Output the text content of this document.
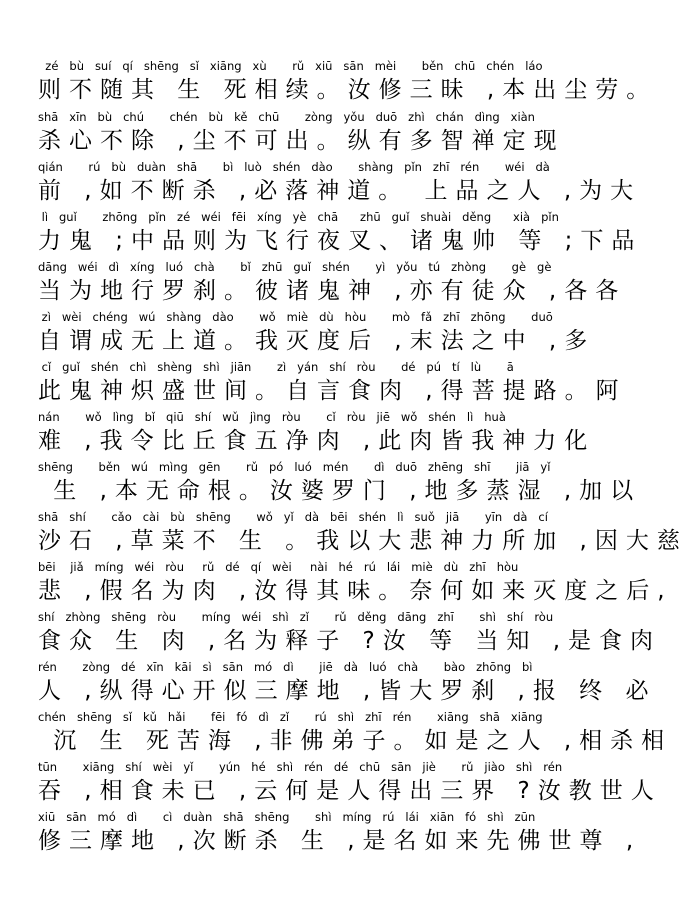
zé   bù   suí   qí   shēng   sǐ   xiāng   xù       rǔ   xiū   sān   mèi       běn   chū   chén   láo
则不随其 生 死相续。汝修三昧 ,本出尘劳。
shā   xīn   bù   chú       chén   bù   kě   chū       zòng   yǒu   duō   zhì   chán   dìng   xiàn
杀心不除 ,尘不可出。纵有多智禅定现
qián       rú   bù   duàn   shā       bì   luò   shén   dào       shàng   pǐn   zhī   rén       wéi   dà
前 ,如不断杀 ,必落神道。 上品之人 ,为大
lì   guǐ       zhōng   pǐn   zé   wéi   fēi   xíng   yè   chā      zhū   guǐ   shuài   děng      xià   pǐn
力鬼 ;中品则为飞行夜叉、诸鬼帅 等 ;下品
dāng   wéi   dì   xíng   luó   chà       bǐ   zhū   guǐ   shén       yì   yǒu   tú   zhòng       gè   gè
当为地行罗刹。彼诸鬼神 ,亦有徒众 ,各各
zì   wèi   chéng   wú   shàng   dào       wǒ   miè   dù   hòu       mò   fǎ   zhī   zhōng       duō
自谓成无上道。我灭度后 ,末法之中 ,多
cǐ   guǐ   shén   chì   shèng   shì   jiān       zì   yán   shí   ròu       dé   pú   tí   lù       ā
此鬼神炽盛世间。自言食肉 ,得菩提路。阿
nán       wǒ   lìng   bǐ   qiū   shí   wǔ   jìng   ròu       cǐ   ròu   jiē   wǒ   shén   lì   huà
难 ,我令比丘食五净肉 ,此肉皆我神力化
shēng       běn   wú   mìng   gēn       rǔ   pó   luó   mén       dì   duō   zhēng   shī       jiā   yǐ
生 ,本无命根。汝婆罗门 ,地多蒸湿 ,加以
shā   shí       cǎo   cài   bù   shēng       wǒ   yǐ   dà   bēi   shén   lì   suǒ   jiā       yīn   dà   cí
沙石 ,草菜不 生 。我以大悲神力所加 ,因大慈
bēi    jiǎ   míng   wéi   ròu     rǔ   dé   qí   wèi     nài   hé   rú   lái   miè   dù   zhī   hòu
悲 ,假名为肉 ,汝得其味。奈何如来灭度之后,
shí   zhòng   shēng   ròu       míng   wéi   shì   zǐ       rǔ   děng   dāng   zhī       shì   shí   ròu
食众 生 肉 ,名为释子 ?汝 等 当知 ,是食肉
rén       zòng   dé   xīn   kāi   sì   sān   mó   dì       jiē   dà   luó   chà       bào   zhōng   bì
人 ,纵得心开似三摩地 ,皆大罗刹 ,报 终 必
chén   shēng   sǐ   kǔ   hǎi       fēi   fó   dì   zǐ       rú   shì   zhī   rén       xiāng   shā   xiāng
沉 生 死苦海 ,非佛弟子。如是之人 ,相杀相
tūn       xiāng   shí   wèi   yǐ       yún   hé   shì   rén   dé   chū   sān   jiè       rǔ   jiào   shì   rén
吞 ,相食未已 ,云何是人得出三界 ?汝教世人
xiū   sān   mó   dì       cì   duàn   shā   shēng       shì   míng   rú   lái   xiān   fó   shì   zūn
修三摩地 ,次断杀 生 ,是名如来先佛世尊 ,
